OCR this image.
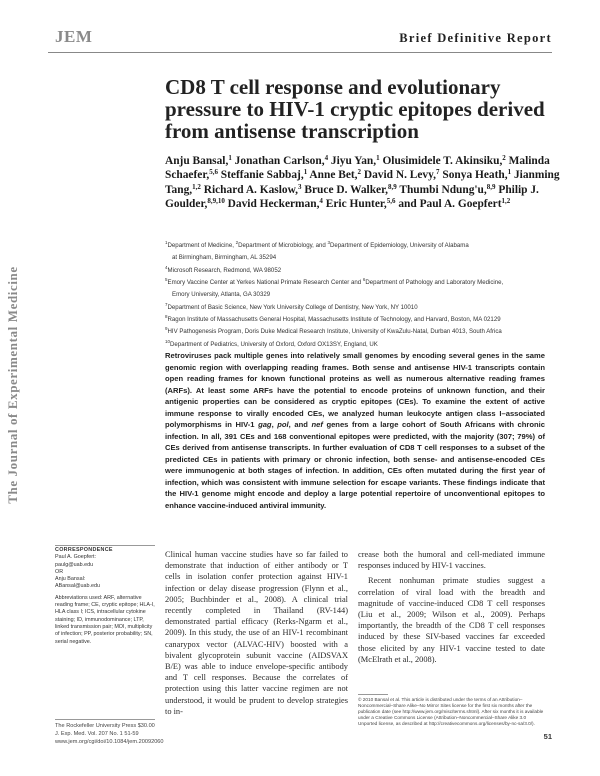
JEM	Brief Definitive Report
The Journal of Experimental Medicine
CD8 T cell response and evolutionary pressure to HIV-1 cryptic epitopes derived from antisense transcription
Anju Bansal,$^1$ Jonathan Carlson,$^4$ Jiyu Yan,$^1$ Olusimidele T. Akinsiku,$^2$ Malinda Schaefer,$^{5,6}$ Steffanie Sabbaj,$^1$ Anne Bet,$^2$ David N. Levy,$^7$ Sonya Heath,$^1$ Jianming Tang,$^{1,2}$ Richard A. Kaslow,$^3$ Bruce D. Walker,$^{8,9}$ Thumbi Ndung'u,$^{8,9}$ Philip J. Goulder,$^{8,9,10}$ David Heckerman,$^4$ Eric Hunter,$^{5,6}$ and Paul A. Goepfert$^{1,2}$

$^1$Department of Medicine, $^2$Department of Microbiology, and $^3$Department of Epidemiology, University of Alabama

at Birmingham, Birmingham, AL 35294

$^4$Microsoft Research, Redmond, WA 98052

$^5$Emory Vaccine Center at Yerkes National Primate Research Center and $^6$Department of Pathology and Laboratory Medicine,

Emory University, Atlanta, GA 30329

$^7$Department of Basic Science, New York University College of Dentistry, New York, NY 10010

$^8$Ragon Institute of Massachusetts General Hospital, Massachusetts Institute of Technology, and Harvard, Boston, MA 02129

$^9$HIV Pathogenesis Program, Doris Duke Medical Research Institute, University of KwaZulu-Natal, Durban 4013, South Africa

$^{10}$Department of Pediatrics, University of Oxford, Oxford OX13SY, England, UK

Retroviruses pack multiple genes into relatively small genomes by encoding several genes in the same genomic region with overlapping reading frames. Both sense and antisense HIV-1 transcripts contain open reading frames for known functional proteins as well as numerous alternative reading frames (ARFs). At least some ARFs have the potential to encode proteins of unknown function, and their antigenic properties can be considered as cryptic epitopes (CEs). To examine the extent of active immune response to virally encoded CEs, we analyzed human leukocyte antigen class I–associated polymorphisms in HIV-1 gag, pol, and nef genes from a large cohort of South Africans with chronic infection. In all, 391 CEs and 168 conventional epitopes were predicted, with the majority (307; 79%) of CEs derived from antisense transcripts. In further evaluation of CD8 T cell responses to a subset of the predicted CEs in patients with primary or chronic infection, both sense- and antisense-encoded CEs were immunogenic at both stages of infection. In addition, CEs often mutated during the first year of infection, which was consistent with immune selection for escape variants. These findings indicate that the HIV-1 genome might encode and deploy a large potential repertoire of unconventional epitopes to enhance vaccine-induced antiviral immunity.

CORRESPONDENCE

Paul A. Goepfert:

paulg@uab.edu

OR

Anju Bansal:

ABansal@uab.edu

Abbreviations used: ARF, alternative reading frame; CE, cryptic epitope; HLA-I, HLA class I; ICS, intracellular cytokine staining; ID, immunodominance; LTP, linked transmission pair; MOI, multiplicity of infection; PP, posterior probability; SN, serial negative.

Clinical human vaccine studies have so far failed to demonstrate that induction of either antibody or T cells in isolation confer protection against HIV-1 infection or delay disease progression (Flynn et al., 2005; Buchbinder et al., 2008). A clinical trial recently completed in Thailand (RV-144) demonstrated partial efficacy (Rerks-Ngarm et al., 2009). In this study, the use of an HIV-1 recombinant canarypox vector (ALVAC-HIV) boosted with a bivalent glycoprotein subunit vaccine (AIDSVAX B/E) was able to induce envelope-specific antibody and T cell responses. Because the correlates of protection using this latter vaccine regimen are not understood, it would be prudent to develop strategies to in-

crease both the humoral and cell-mediated immune responses induced by HIV-1 vaccines.

Recent nonhuman primate studies suggest a correlation of viral load with the breadth and magnitude of vaccine-induced CD8 T cell responses (Liu et al., 2009; Wilson et al., 2009). Perhaps importantly, the breadth of the CD8 T cell responses induced by these SIV-based vaccines far exceeded those elicited by any HIV-1 vaccine tested to date (McElrath et al., 2008).

© 2010 Bansal et al. This article is distributed under the terms of an Attribution–Noncommercial–Share Alike–No Mirror Sites license for the first six months after the publication date (see http://www.jem.org/misc/terms.shtml). After six months it is available under a Creative Commons License (Attribution–Noncommercial–Share Alike 3.0 Unported license, as described at http://creativecommons.org/licenses/by-nc-sa/3.0/).

The Rockefeller University Press $30.00

J. Exp. Med. Vol. 207 No. 1 51-59

www.jem.org/cgi/doi/10.1084/jem.20092060

51
